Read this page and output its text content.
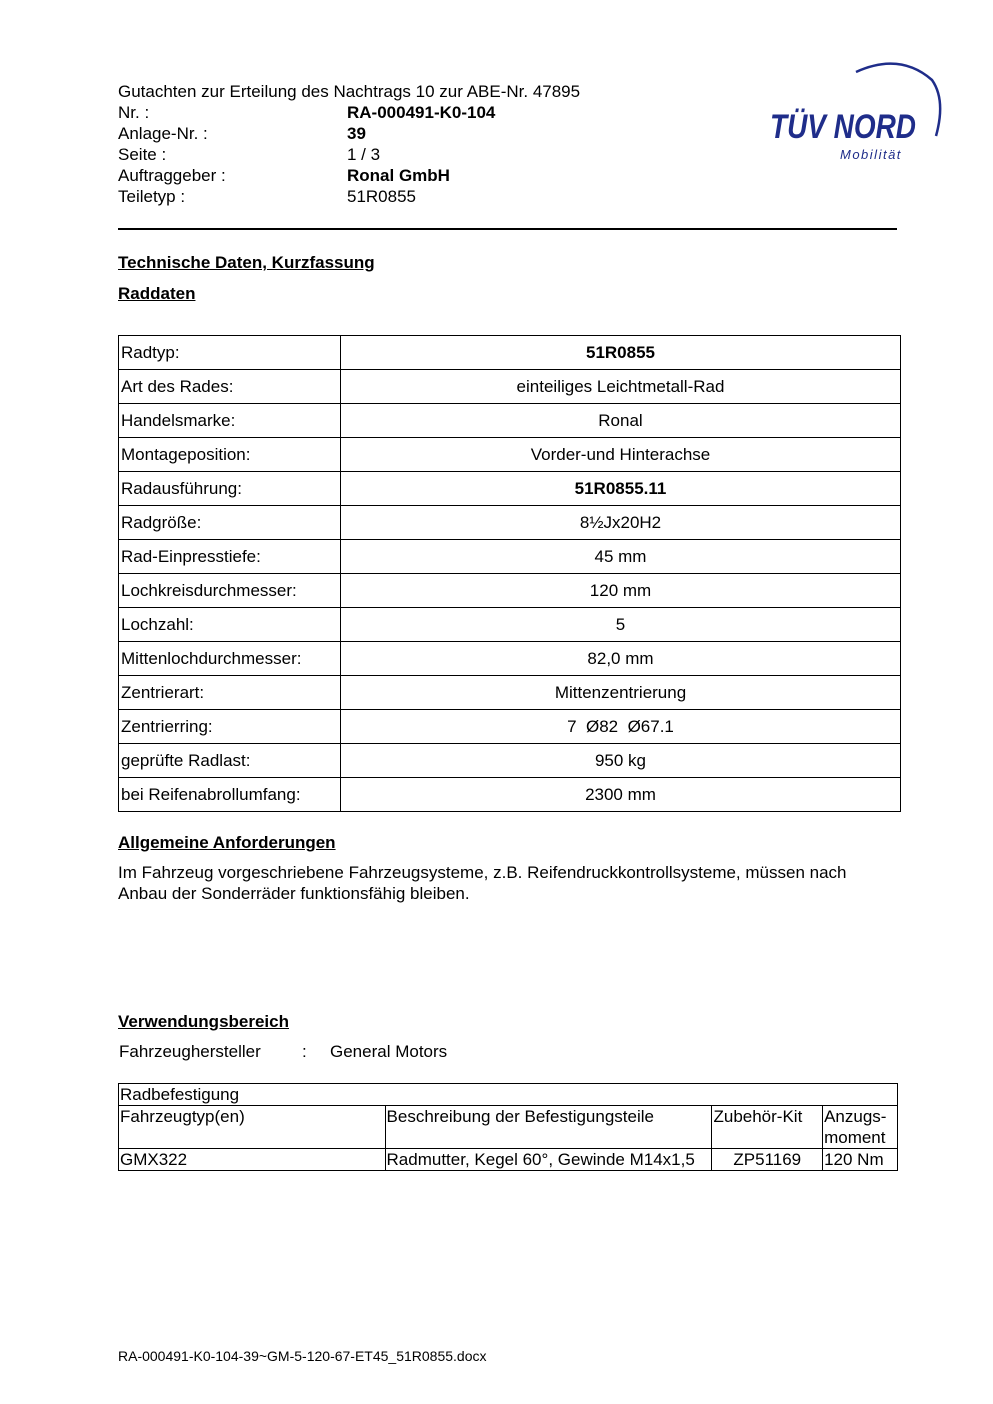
Gutachten zur Erteilung des Nachtrags 10 zur ABE-Nr. 47895
Nr. :	RA-000491-K0-104
Anlage-Nr. :	39
Seite :	1 / 3
Auftraggeber :	Ronal GmbH
Teiletyp :	51R0855
TÜV NORD
Mobilität
Technische Daten, Kurzfassung
Raddaten
Radtyp:	51R0855
Art des Rades:	einteiliges Leichtmetall-Rad
Handelsmarke:	Ronal
Montageposition:	Vorder-und Hinterachse
Radausführung:	51R0855.11
Radgröße:	8½Jx20H2
Rad-Einpresstiefe:	45 mm
Lochkreisdurchmesser:	120 mm
Lochzahl:	5
Mittenlochdurchmesser:	82,0 mm
Zentrierart:	Mittenzentrierung
Zentrierring:	7  Ø82  Ø67.1
geprüfte Radlast:	950 kg
bei Reifenabrollumfang:	2300 mm
Allgemeine Anforderungen
Im Fahrzeug vorgeschriebene Fahrzeugsysteme, z.B. Reifendruckkontrollsysteme, müssen nach Anbau der Sonderräder funktionsfähig bleiben.
Verwendungsbereich
Fahrzeughersteller	:	General Motors
Radbefestigung			
Fahrzeugtyp(en)	Beschreibung der Befestigungsteile	Zubehör-Kit	Anzugs-moment
GMX322	Radmutter, Kegel 60°, Gewinde M14x1,5	ZP51169	120 Nm
RA-000491-K0-104-39~GM-5-120-67-ET45_51R0855.docx
